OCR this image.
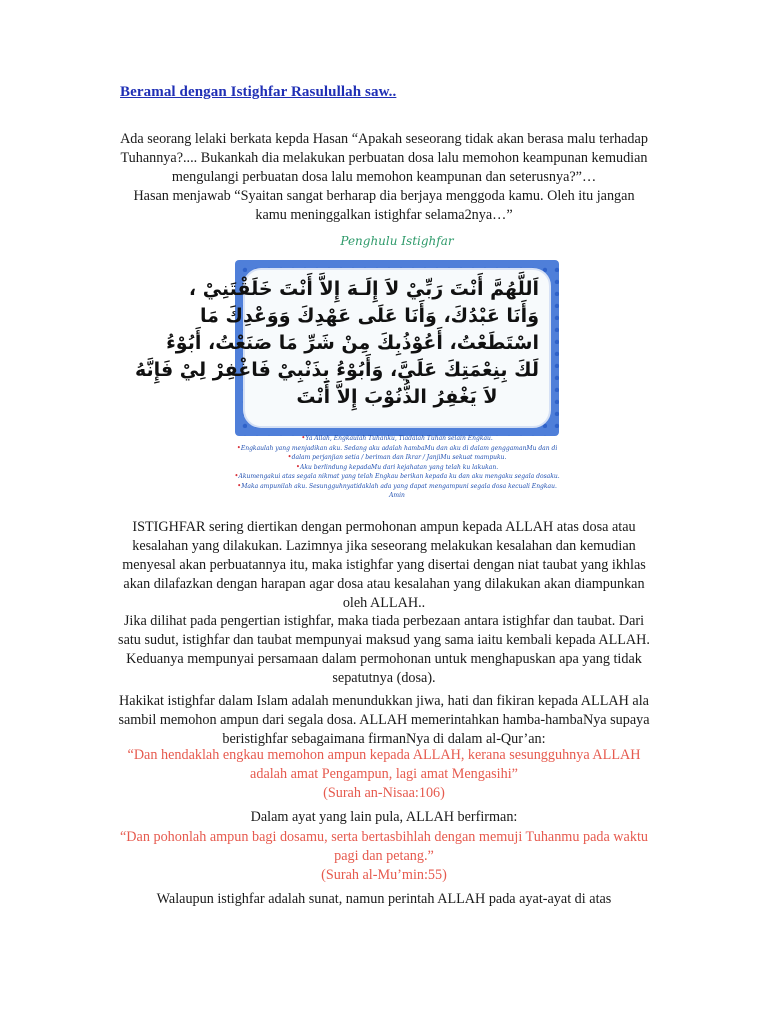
Beramal dengan Istighfar Rasulullah saw..

Ada seorang lelaki berkata kepda Hasan “Apakah seseorang tidak akan berasa malu terhadap

Tuhannya?.... Bukankah dia melakukan perbuatan dosa lalu memohon keampunan kemudian

mengulangi perbuatan dosa lalu memohon keampunan dan seterusnya?”…

Hasan menjawab “Syaitan sangat berharap dia berjaya menggoda kamu. Oleh itu jangan

kamu meninggalkan istighfar selama2nya…”

Penghulu Istighfar
اَللَّهُمَّ أَنْتَ رَبِّيْ لاَ إِلَـهَ إِلاَّ أَنْتَ خَلَقْتَنِيْ ،
وَأَنَا عَبْدُكَ، وَأَنَا عَلَى عَهْدِكَ وَوَعْدِكَ مَا
اسْتَطَعْتُ، أَعُوْذُبِكَ مِنْ شَرِّ مَا صَنَعْتُ، أَبُوْءُ
لَكَ بِنِعْمَتِكَ عَلَيَّ، وَأَبُوْءُ بِذَنْبِيْ فَاغْفِرْ لِيْ فَإِنَّهُ
لاَ يَغْفِرُ الذُّنُوْبَ إِلاَّ أَنْتَ
• Ya Allah, Engkaulah Tuhanku, Tiadalah Tuhan selain Engkau.
• Engkaulah yang menjadikan aku. Sedang aku adalah hambaMu dan aku di dalam genggamanMu dan di
• dalam perjanjian setia / beriman dan Ikrar / JanjiMu sekuat mampuku.
• Aku berlindung kepadaMu dari kejahatan yang telah ku lakukan.
• Akumengakui atas segala nikmat yang telah Engkau berikan kepada ku dan aku mengaku segala dosaku.
• Maka ampunilah aku. Sesungguhnyatidaklah ada yang dapat mengampuni segala dosa kecuali Engkau. Amin

ISTIGHFAR sering diertikan dengan permohonan ampun kepada ALLAH atas dosa atau

kesalahan yang dilakukan. Lazimnya jika seseorang melakukan kesalahan dan kemudian

menyesal akan perbuatannya itu, maka istighfar yang disertai dengan niat taubat yang ikhlas

akan dilafazkan dengan harapan agar dosa atau kesalahan yang dilakukan akan diampunkan

oleh ALLAH..

Jika dilihat pada pengertian istighfar, maka tiada perbezaan antara istighfar dan taubat. Dari

satu sudut, istighfar dan taubat mempunyai maksud yang sama iaitu kembali kepada ALLAH.

Keduanya mempunyai persamaan dalam permohonan untuk menghapuskan apa yang tidak

sepatutnya (dosa).

Hakikat istighfar dalam Islam adalah menundukkan jiwa, hati dan fikiran kepada ALLAH ala

sambil memohon ampun dari segala dosa. ALLAH memerintahkan hamba-hambaNya supaya

beristighfar sebagaimana firmanNya di dalam al-Qur’an:

“Dan hendaklah engkau memohon ampun kepada ALLAH, kerana sesungguhnya ALLAH

adalah amat Pengampun, lagi amat Mengasihi”

(Surah an-Nisaa:106)

Dalam ayat yang lain pula, ALLAH berfirman:

“Dan pohonlah ampun bagi dosamu, serta bertasbihlah dengan memuji Tuhanmu pada waktu

pagi dan petang.”

(Surah al-Mu’min:55)

Walaupun istighfar adalah sunat, namun perintah ALLAH pada ayat-ayat di atas
